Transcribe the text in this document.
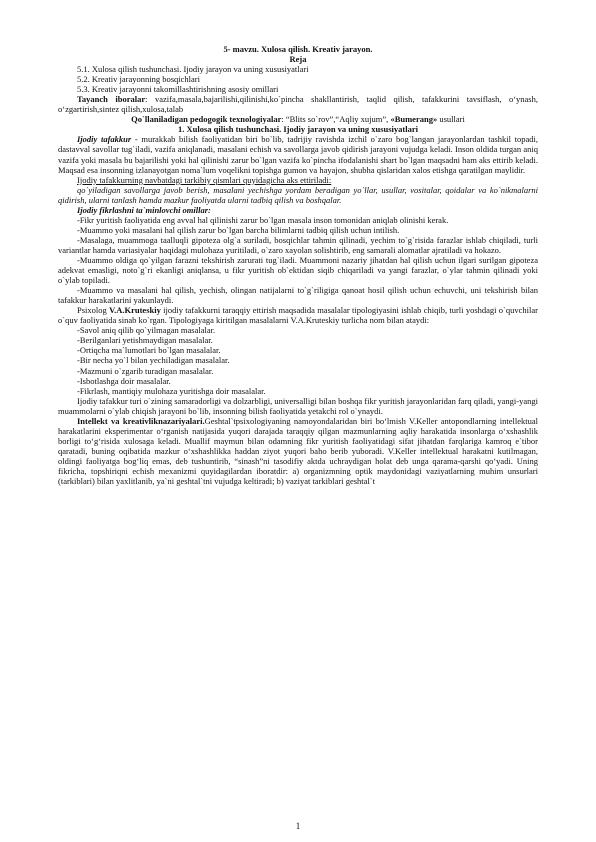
5- mavzu. Xulosa qilish. Kreativ jarayon.

Reja

5.1. Xulosa qilish tushunchasi. Ijodiy jarayon va uning xususiyatlari

5.2. Kreativ jarayonning bosqichlari

5.3. Kreativ jarayonni takomillashtirishning asosiy omillari

Tayanch iboralar: vazifa,masala,bajarilishi,qilinishi,ko`pincha shakllantirish, taqlid qilish, tafakkurini tavsiflash, o‘ynash, o‘zgartirish,sintez qilish,xulosa,talab

Qo`llaniladigan pedogogik texnologiyalar: “Blits so`rov”,“Aqliy xujum”, «Bumerang» usullari

1. Xulosa qilish tushunchasi. Ijodiy jarayon va uning xususiyatlari

Ijodiy tafakkur - murakkab bilish faoliyatidan biri bo`lib, tadrijiy ravishda izchil o`zaro bog`langan jarayonlardan tashkil topadi, dastavval savollar tug`iladi, vazifa aniqlanadi, masalani echish va savollarga javob qidirish jarayoni vujudga keladi. Inson oldida turgan aniq vazifa yoki masala bu bajarilishi yoki hal qilinishi zarur bo`lgan vazifa ko`pincha ifodalanishi shart bo`lgan maqsadni ham aks ettirib keladi. Maqsad esa insonning izlanayotgan noma`lum voqelikni topishga gumon va hayajon, shubha qislaridan xalos etishga qaratilgan maylidir.

Ijodiy tafakkurning navbatdagi tarkibiy qismlari quyidagicha aks ettiriladi:

qo`yiladigan savollarga javob berish, masalani yechishga yordam beradigan yo`llar, usullar, vositalar, qoidalar va ko`nikmalarni qidirish, ularni tanlash hamda mazkur faoliyatda ularni tadbiq qilish va boshqalar.

Ijodiy fikrlashni ta`minlovchi omillar:

-Fikr yuritish faoliyatida eng avval hal qilinishi zarur bo`lgan masala inson tomonidan aniqlab olinishi kerak.

-Muammo yoki masalani hal qilish zarur bo`lgan barcha bilimlarni tadbiq qilish uchun intilish.

-Masalaga, muammoga taalluqli gipoteza olg`a suriladi, bosqichlar tahmin qilinadi, yechim to`g`risida farazlar ishlab chiqiladi, turli variantlar hamda variasiyalar haqidagi mulohaza yuritiladi, o`zaro xayolan solishtirib, eng samarali alomatlar ajratiladi va hokazo.

-Muammo oldiga qo`yilgan farazni tekshirish zarurati tug`iladi. Muammoni nazariy jihatdan hal qilish uchun ilgari surilgan gipoteza adekvat emasligi, noto`g`ri ekanligi aniqlansa, u fikr yuritish ob`ektidan siqib chiqariladi va yangi farazlar, o`ylar tahmin qilinadi yoki o`ylab topiladi.

-Muammo va masalani hal qilish, yechish, olingan natijalarni to`g`riligiga qanoat hosil qilish uchun echuvchi, uni tekshirish bilan tafakkur harakatlarini yakunlaydi.

Psixolog V.A.Kruteskiy ijodiy tafakkurni taraqqiy ettirish maqsadida masalalar tipologiyasini ishlab chiqib, turli yoshdagi o`quvchilar o`quv faoliyatida sinab ko`rgan. Tipologiyaga kiritilgan masalalarni V.A.Kruteskiy turlicha nom bilan ataydi:

-Savol aniq qilib qo`yilmagan masalalar.

-Berilganlari yetishmaydigan masalalar.

-Ortiqcha ma`lumotlari bo`lgan masalalar.

-Bir necha yo`l bilan yechiladigan masalalar.

-Mazmuni o`zgarib turadigan masalalar.

-Isbotlashga doir masalalar.

-Fikrlash, mantiqiy mulohaza yuritishga doir masalalar.

Ijodiy tafakkur turi o`zining samaradorligi va dolzarbligi, universalligi bilan boshqa fikr yuritish jarayonlaridan farq qiladi, yangi-yangi muammolarni o`ylab chiqish jarayoni bo`lib, insonning bilish faoliyatida yetakchi rol o`ynaydi.

Intellekt va kreativliknazariyalari.Geshtal`tpsixologiyaning namoyondalaridan biri bo‘lmish V.Keller antopondlarning intellektual harakatlarini eksperimentar o‘rganish natijasida yuqori darajada taraqqiy qilgan mazmunlarning aqliy harakatida insonlarga o‘xshashlik borligi to‘g‘risida xulosaga keladi. Muallif maymun bilan odamning fikr yuritish faoliyatidagi sifat jihatdan farqlariga kamroq e`tibor qaratadi, buning oqibatida mazkur o‘xshashlikka haddan ziyot yuqori baho berib yuboradi. V.Keller intellektual harakatni kutilmagan, oldingi faoliyatga bog‘liq emas, deb tushuntirib, “sinash”ni tasodifiy aktda uchraydigan holat deb unga qarama-qarshi qo‘yadi. Uning fikricha, topshiriqni echish mexanizmi quyidagilardan iboratdir: a) organizmning optik maydonidagi vaziyatlarning muhim unsurlari (tarkiblari) bilan yaxlitlanib, ya`ni geshtal`tni vujudga keltiradi; b) vaziyat tarkiblari geshtal`t

1
